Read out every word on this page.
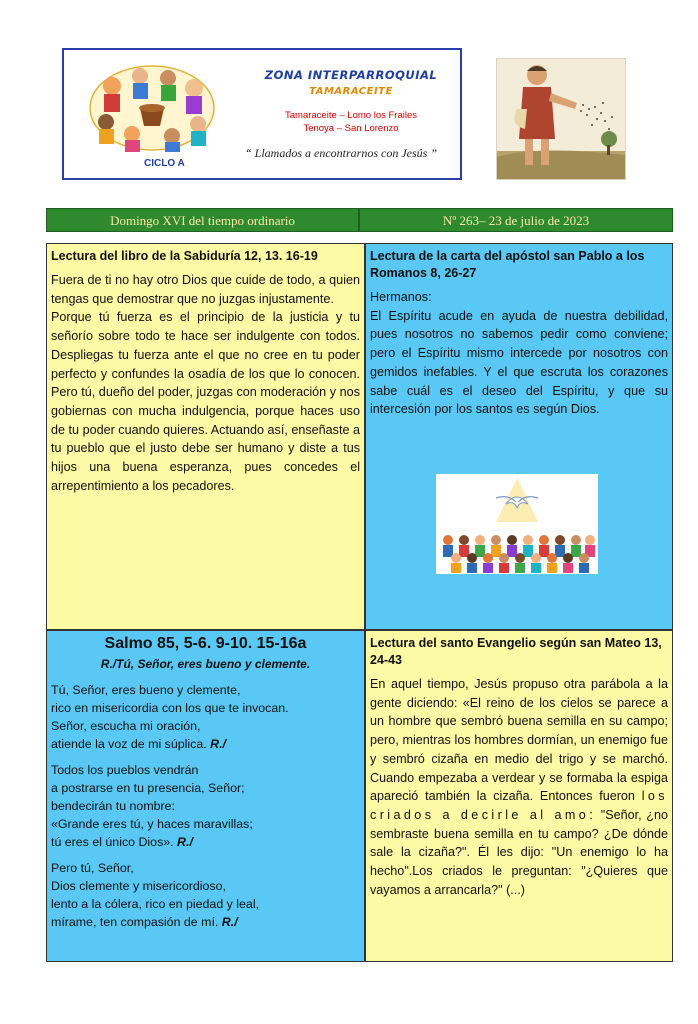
CICLO A
ZONA INTERPARROQUIAL
TAMARACEITE
Tamaraceite – Lomo los Frailes
Tenoya – San Lorenzo
“ Llamados a encontrarnos con Jesús ”
Domingo XVI del tiempo ordinario	Nº 263– 23 de julio de 2023

Lectura del libro de la Sabiduría 12, 13. 16-19

Fuera de ti no hay otro Dios que cuide de todo, a quien tengas que demostrar que no juzgas injustamente.

Porque tú fuerza es el principio de la justicia y tu señorío sobre todo te hace ser indulgente con todos. Despliegas tu fuerza ante el que no cree en tu poder perfecto y confundes la osadía de los que lo conocen. Pero tú, dueño del poder, juzgas con moderación y nos gobiernas con mucha indulgencia, porque haces uso de tu poder cuando quieres. Actuando así, enseñaste a tu pueblo que el justo debe ser humano y diste a tus hijos una buena esperanza, pues concedes el arrepentimiento a los pecadores.

Lectura de la carta del apóstol san Pablo a los Romanos 8, 26-27

Hermanos:

El Espíritu acude en ayuda de nuestra debilidad, pues nosotros no sabemos pedir como conviene; pero el Espíritu mismo intercede por nosotros con gemidos inefables. Y el que escruta los corazones sabe cuál es el deseo del Espíritu, y que su intercesión por los santos es según Dios.

Salmo 85, 5-6. 9-10. 15-16a

R./Tú, Señor, eres bueno y clemente.

Tú, Señor, eres bueno y clemente,
rico en misericordia con los que te invocan.
Señor, escucha mi oración,
atiende la voz de mi súplica. R./
Todos los pueblos vendrán
a postrarse en tu presencia, Señor;
bendecirán tu nombre:
«Grande eres tú, y haces maravillas;
tú eres el único Dios». R./
Pero tú, Señor,
Dios clemente y misericordioso,
lento a la cólera, rico en piedad y leal,
mírame, ten compasión de mí. R./

Lectura del santo Evangelio según san Mateo 13, 24-43

En aquel tiempo, Jesús propuso otra parábola a la gente diciendo: «El reino de los cielos se parece a un hombre que sembró buena semilla en su campo; pero, mientras los hombres dormían, un enemigo fue y sembró cizaña en medio del trigo y se marchó. Cuando empezaba a verdear y se formaba la espiga apareció también la cizaña. Entonces fueron los criados a decirle al amo: "Señor, ¿no sembraste buena semilla en tu campo? ¿De dónde sale la cizaña?". Él les dijo: "Un enemigo lo ha hecho".Los criados le preguntan: "¿Quieres que vayamos a arrancarla?" (...)
